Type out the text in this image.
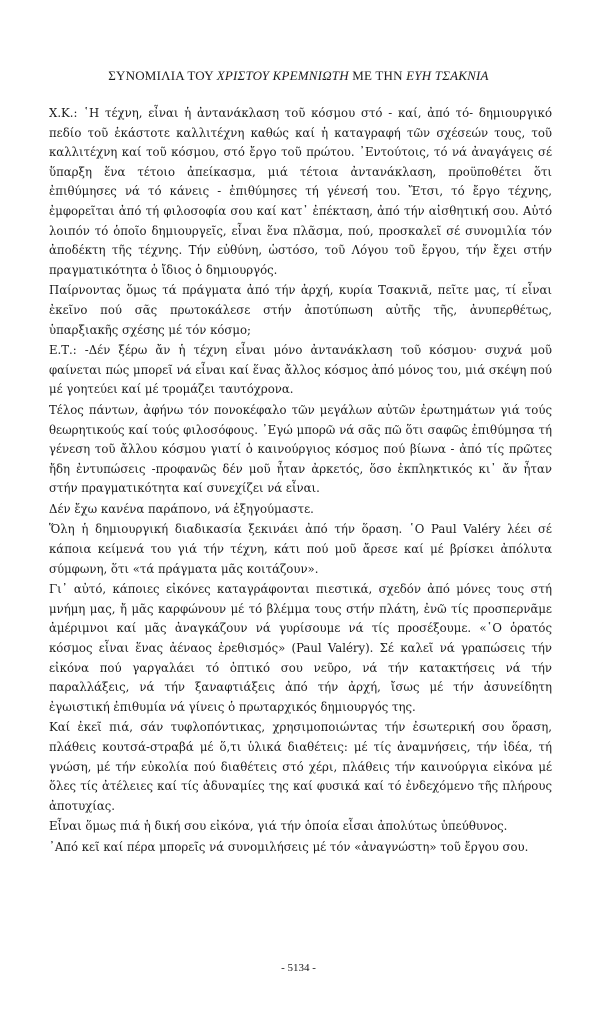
ΣΥΝΟΜΙΛΙΑ ΤΟΥ ΧΡΙΣΤΟΥ ΚΡΕΜΝΙΩΤΗ ΜΕ ΤΗΝ ΕΥΗ ΤΣΑΚΝΙΑ

Χ.Κ.: ῾Η τέχνη, εἶναι ἡ ἀντανάκλαση τοῦ κόσμου στό - καί, ἀπό τό- δημιουργικό πεδίο τοῦ ἑκάστοτε καλλιτέχνη καθώς καί ἡ καταγραφή τῶν σχέσεών τους, τοῦ καλλιτέχνη καί τοῦ κόσμου, στό ἔργο τοῦ πρώτου. ᾿Εντούτοις, τό νά ἀναγάγεις σέ ὕπαρξη ἕνα τέτοιο ἀπείκασμα, μιά τέτοια ἀντανάκλαση, προϋποθέτει ὅτι ἐπιθύμησες νά τό κάνεις - ἐπιθύμησες τή γένεσή του. Ἔτσι, τό ἔργο τέχνης, ἐμφορεῖται ἀπό τή φιλοσοφία σου καί κατ᾿ ἐπέκταση, ἀπό τήν αἰσθητική σου. Αὐτό λοιπόν τό ὁποῖο δημιουργεῖς, εἶναι ἕνα πλᾶσμα, πού, προσκαλεῖ σέ συνομιλία τόν ἀποδέκτη τῆς τέχνης. Τήν εὐθύνη, ὡστόσο, τοῦ Λόγου τοῦ ἔργου, τήν ἔχει στήν πραγματικότητα ὁ ἴδιος ὁ δημιουργός.

Παίρνοντας ὅμως τά πράγματα ἀπό τήν ἀρχή, κυρία Τσακνιᾶ, πεῖτε μας, τί εἶναι ἐκεῖνο πού σᾶς πρωτοκάλεσε στήν ἀποτύπωση αὐτῆς τῆς, ἀνυπερθέτως, ὑπαρξιακῆς σχέσης μέ τόν κόσμο;

Ε.Τ.: -Δέν ξέρω ἄν ἡ τέχνη εἶναι μόνο ἀντανάκλαση τοῦ κόσμου· συχνά μοῦ φαίνεται πώς μπορεῖ νά εἶναι καί ἕνας ἄλλος κόσμος ἀπό μόνος του, μιά σκέψη πού μέ γοητεύει καί μέ τρομάζει ταυτόχρονα.

Τέλος πάντων, ἀφήνω τόν πονοκέφαλο τῶν μεγάλων αὐτῶν ἐρωτημάτων γιά τούς θεωρητικούς καί τούς φιλοσόφους. ᾿Εγώ μπορῶ νά σᾶς πῶ ὅτι σαφῶς ἐπιθύμησα τή γένεση τοῦ ἄλλου κόσμου γιατί ὁ καινούργιος κόσμος πού βίωνα - ἀπό τίς πρῶτες ἤδη ἐντυπώσεις -προφανῶς δέν μοῦ ἦταν ἀρκετός, ὅσο ἐκπληκτικός κι᾿ ἄν ἦταν στήν πραγματικότητα καί συνεχίζει νά εἶναι.

Δέν ἔχω κανένα παράπονο, νά ἐξηγούμαστε.

Ὅλη ἡ δημιουργική διαδικασία ξεκινάει ἀπό τήν ὅραση. ῾Ο Paul Valéry λέει σέ κάποια κείμενά του γιά τήν τέχνη, κάτι πού μοῦ ἄρεσε καί μέ βρίσκει ἀπόλυτα σύμφωνη, ὅτι «τά πράγματα μᾶς κοιτάζουν».

Γι᾿ αὐτό, κάποιες εἰκόνες καταγράφονται πιεστικά, σχεδόν ἀπό μόνες τους στή μνήμη μας, ἤ μᾶς καρφώνουν μέ τό βλέμμα τους στήν πλάτη, ἐνῶ τίς προσπερνᾶμε ἀμέριμνοι καί μᾶς ἀναγκάζουν νά γυρίσουμε νά τίς προσέξουμε. «῾Ο ὁρατός κόσμος εἶναι ἕνας ἀέναος ἐρεθισμός» (Paul Valéry). Σέ καλεῖ νά γραπώσεις τήν εἰκόνα πού γαργαλάει τό ὀπτικό σου νεῦρο, νά τήν κατακτήσεις νά τήν παραλλάξεις, νά τήν ξαναφτιάξεις ἀπό τήν ἀρχή, ἴσως μέ τήν ἀσυνείδητη ἐγωιστική ἐπιθυμία νά γίνεις ὁ πρωταρχικός δημιουργός της.

Καί ἐκεῖ πιά, σάν τυφλοπόντικας, χρησιμοποιώντας τήν ἐσωτερική σου ὅραση, πλάθεις κουτσά-στραβά μέ ὅ,τι ὑλικά διαθέτεις: μέ τίς ἀναμνήσεις, τήν ἰδέα, τή γνώση, μέ τήν εὐκολία πού διαθέτεις στό χέρι, πλάθεις τήν καινούργια εἰκόνα μέ ὅλες τίς ἀτέλειες καί τίς ἀδυναμίες της καί φυσικά καί τό ἐνδεχόμενο τῆς πλήρους ἀποτυχίας.

Εἶναι ὅμως πιά ἡ δική σου εἰκόνα, γιά τήν ὁποία εἶσαι ἀπολύτως ὑπεύθυνος.

᾿Από κεῖ καί πέρα μπορεῖς νά συνομιλήσεις μέ τόν «ἀναγνώστη» τοῦ ἔργου σου.

- 5134 -
